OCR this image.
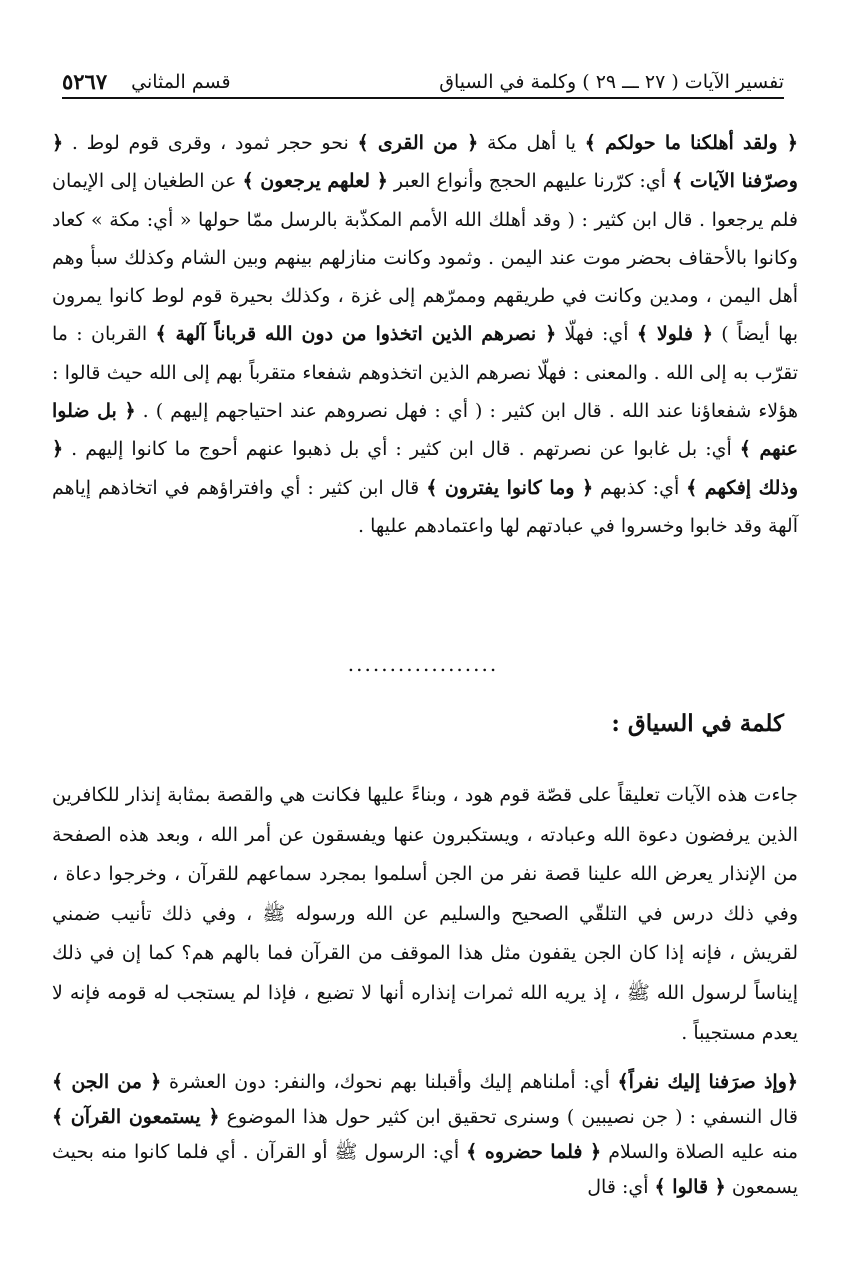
تفسير الآيات ( ٢٧ ـــ ٢٩ ) وكلمة في السياق
قسم المثاني
٥٢٦٧

﴿ ولقد أهلكنا ما حولكم ﴾ يا أهل مكة ﴿ من القرى ﴾ نحو حجر ثمود ، وقرى قوم لوط . ﴿ وصرّفنا الآيات ﴾ أي: كرّرنا عليهم الحجج وأنواع العبر ﴿ لعلهم يرجعون ﴾ عن الطغيان إلى الإيمان فلم يرجعوا . قال ابن كثير : ( وقد أهلك الله الأمم المكذّبة بالرسل ممّا حولها « أي: مكة » كعاد وكانوا بالأحقاف بحضر موت عند اليمن . وثمود وكانت منازلهم بينهم وبين الشام وكذلك سبأ وهم أهل اليمن ، ومدين وكانت في طريقهم وممرّهم إلى غزة ، وكذلك بحيرة قوم لوط كانوا يمرون بها أيضاً ) ﴿ فلولا ﴾ أي: فهلّا ﴿ نصرهم الذين اتخذوا من دون الله قرباناً آلهة ﴾ القربان : ما تقرّب به إلى الله . والمعنى : فهلّا نصرهم الذين اتخذوهم شفعاء متقرباً بهم إلى الله حيث قالوا : هؤلاء شفعاؤنا عند الله . قال ابن كثير : ( أي : فهل نصروهم عند احتياجهم إليهم ) . ﴿ بل ضلوا عنهم ﴾ أي: بل غابوا عن نصرتهم . قال ابن كثير : أي بل ذهبوا عنهم أحوج ما كانوا إليهم . ﴿ وذلك إفكهم ﴾ أي: كذبهم ﴿ وما كانوا يفترون ﴾ قال ابن كثير : أي وافتراؤهم في اتخاذهم إياهم آلهة وقد خابوا وخسروا في عبادتهم لها واعتمادهم عليها .

..................
كلمة في السياق :

جاءت هذه الآيات تعليقاً على قصّة قوم هود ، وبناءً عليها فكانت هي والقصة بمثابة إنذار للكافرين الذين يرفضون دعوة الله وعبادته ، ويستكبرون عنها ويفسقون عن أمر الله ، وبعد هذه الصفحة من الإنذار يعرض الله علينا قصة نفر من الجن أسلموا بمجرد سماعهم للقرآن ، وخرجوا دعاة ، وفي ذلك درس في التلقّي الصحيح والسليم عن الله ورسوله ﷺ ، وفي ذلك تأنيب ضمني لقريش ، فإنه إذا كان الجن يقفون مثل هذا الموقف من القرآن فما بالهم هم؟ كما إن في ذلك إيناساً لرسول الله ﷺ ، إذ يريه الله ثمرات إنذاره أنها لا تضيع ، فإذا لم يستجب له قومه فإنه لا يعدم مستجيباً .

﴿وإذ صرَفنا إليك نفراً﴾ أي: أملناهم إليك وأقبلنا بهم نحوك، والنفر: دون العشرة ﴿ من الجن ﴾ قال النسفي : ( جن نصيبين ) وسنرى تحقيق ابن كثير حول هذا الموضوع ﴿ يستمعون القرآن ﴾ منه عليه الصلاة والسلام ﴿ فلما حضروه ﴾ أي: الرسول ﷺ أو القرآن . أي فلما كانوا منه بحيث يسمعون ﴿ قالوا ﴾ أي: قال
